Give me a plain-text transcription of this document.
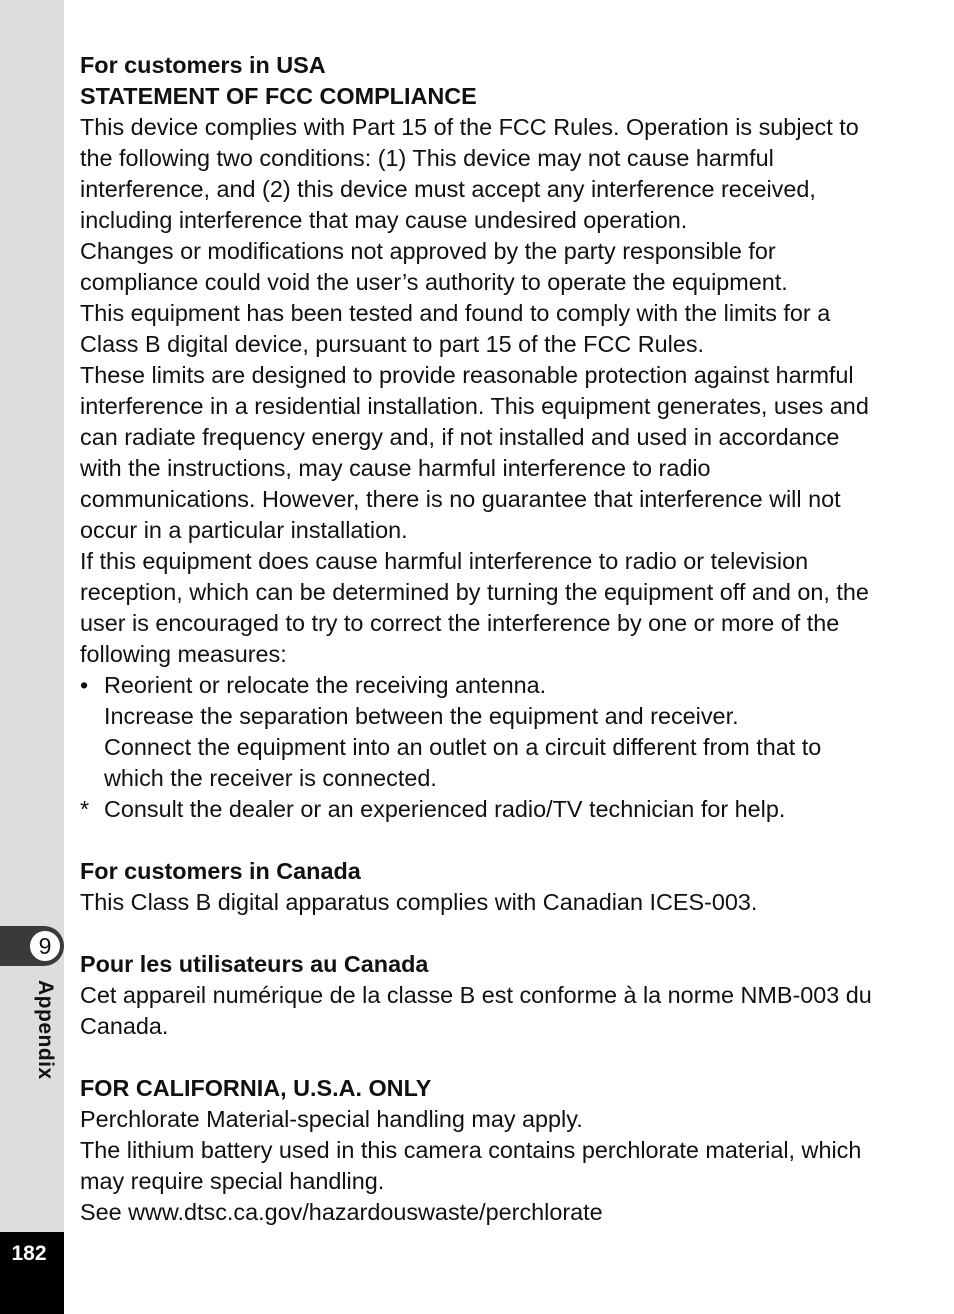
9
Appendix
182

For customers in USA

STATEMENT OF FCC COMPLIANCE

This device complies with Part 15 of the FCC Rules. Operation is subject to the following two conditions: (1) This device may not cause harmful interference, and (2) this device must accept any interference received, including interference that may cause undesired operation.

Changes or modifications not approved by the party responsible for compliance could void the user’s authority to operate the equipment.

This equipment has been tested and found to comply with the limits for a Class B digital device, pursuant to part 15 of the FCC Rules.

These limits are designed to provide reasonable protection against harmful interference in a residential installation. This equipment generates, uses and can radiate frequency energy and, if not installed and used in accordance with the instructions, may cause harmful interference to radio communications. However, there is no guarantee that interference will not occur in a particular installation.

If this equipment does cause harmful interference to radio or television reception, which can be determined by turning the equipment off and on, the user is encouraged to try to correct the interference by one or more of the following measures:

• Reorient or relocate the receiving antenna.
Increase the separation between the equipment and receiver.
Connect the equipment into an outlet on a circuit different from that to which the receiver is connected.
* Consult the dealer or an experienced radio/TV technician for help.

For customers in Canada

This Class B digital apparatus complies with Canadian ICES-003.

Pour les utilisateurs au Canada

Cet appareil numérique de la classe B est conforme à la norme NMB-003 du Canada.

FOR CALIFORNIA, U.S.A. ONLY

Perchlorate Material-special handling may apply.

The lithium battery used in this camera contains perchlorate material, which may require special handling.

See www.dtsc.ca.gov/hazardouswaste/perchlorate
